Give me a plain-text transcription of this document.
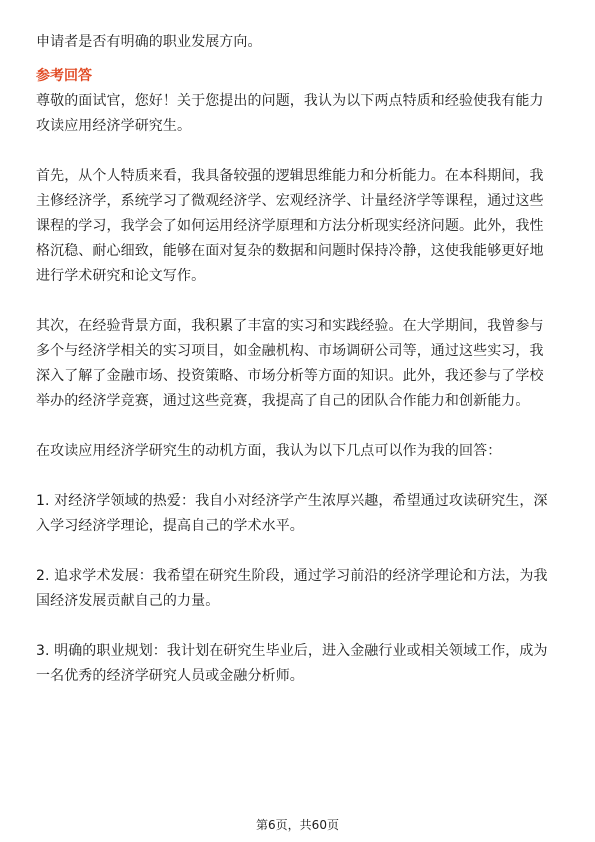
申请者是否有明确的职业发展方向。

参考回答

尊敬的面试官，您好！关于您提出的问题，我认为以下两点特质和经验使我有能力

攻读应用经济学研究生。

首先，从个人特质来看，我具备较强的逻辑思维能力和分析能力。在本科期间，我

主修经济学，系统学习了微观经济学、宏观经济学、计量经济学等课程，通过这些

课程的学习，我学会了如何运用经济学原理和方法分析现实经济问题。此外，我性

格沉稳、耐心细致，能够在面对复杂的数据和问题时保持冷静，这使我能够更好地

进行学术研究和论文写作。

其次，在经验背景方面，我积累了丰富的实习和实践经验。在大学期间，我曾参与

多个与经济学相关的实习项目，如金融机构、市场调研公司等，通过这些实习，我

深入了解了金融市场、投资策略、市场分析等方面的知识。此外，我还参与了学校

举办的经济学竞赛，通过这些竞赛，我提高了自己的团队合作能力和创新能力。

在攻读应用经济学研究生的动机方面，我认为以下几点可以作为我的回答：

1. 对经济学领域的热爱：我自小对经济学产生浓厚兴趣，希望通过攻读研究生，深

入学习经济学理论，提高自己的学术水平。

2. 追求学术发展：我希望在研究生阶段，通过学习前沿的经济学理论和方法，为我

国经济发展贡献自己的力量。

3. 明确的职业规划：我计划在研究生毕业后，进入金融行业或相关领域工作，成为

一名优秀的经济学研究人员或金融分析师。

第6页，共60页
